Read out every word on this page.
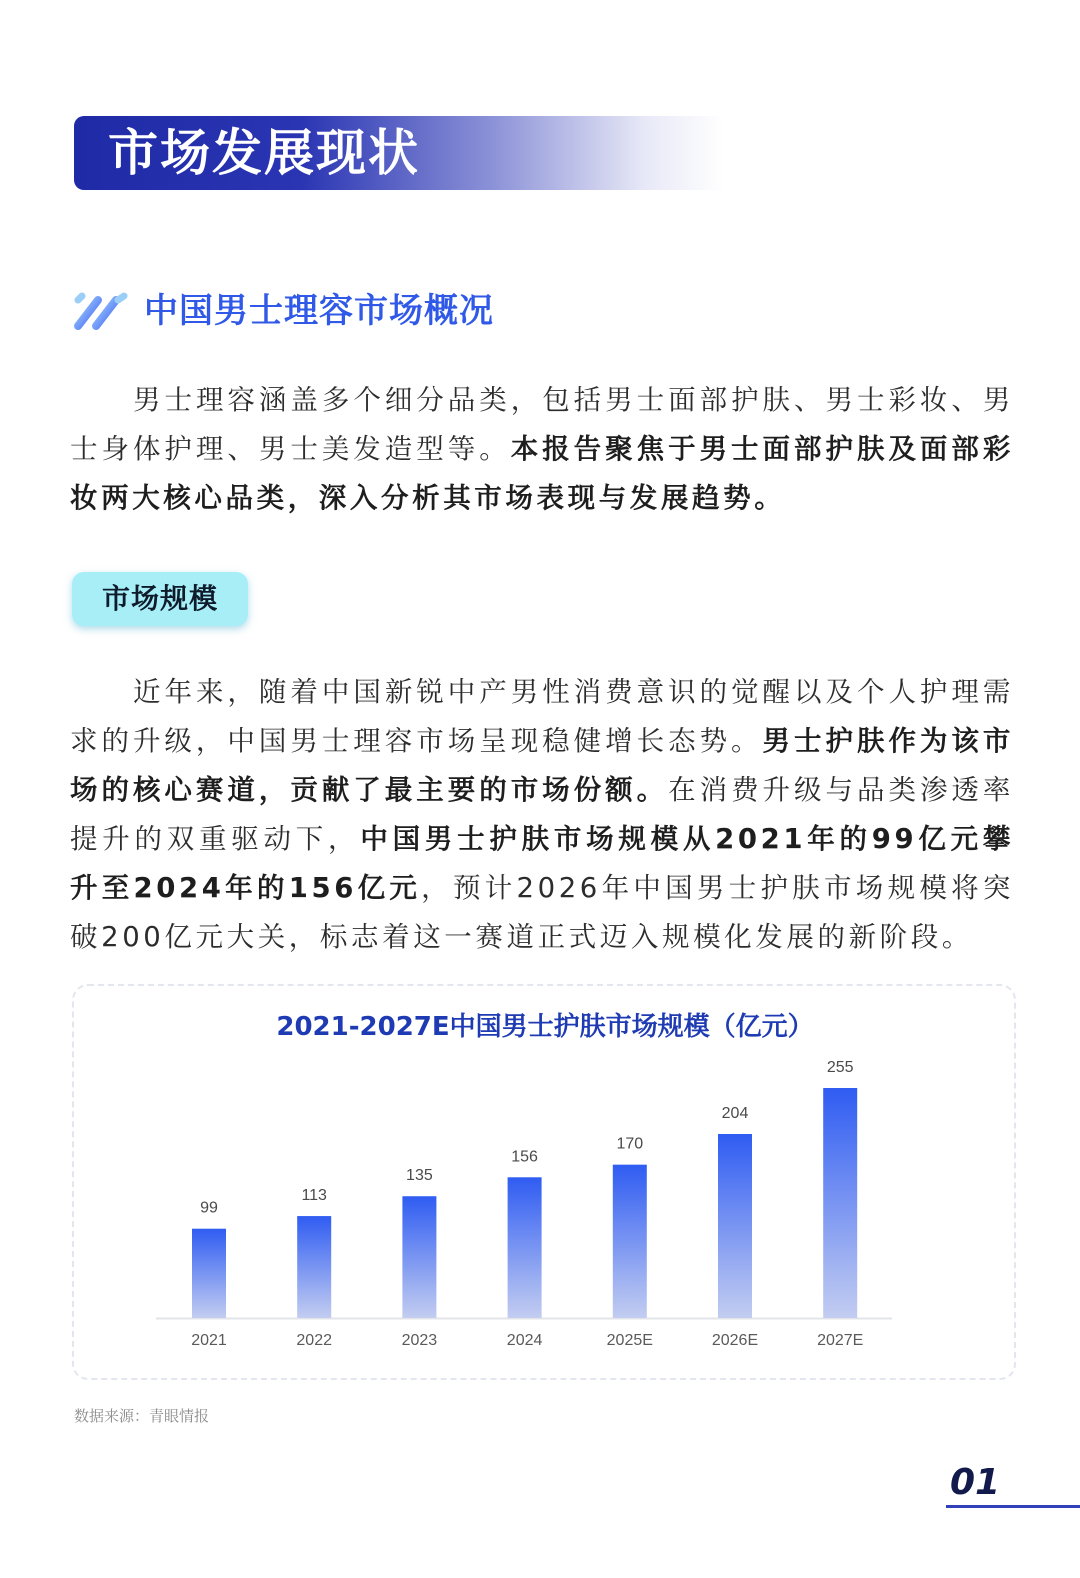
市场发展现状
中国男士理容市场概况
男士理容涵盖多个细分品类，包括男士面部护肤、男士彩妆、男士身体护理、男士美发造型等。本报告聚焦于男士面部护肤及面部彩妆两大核心品类，深入分析其市场表现与发展趋势。
市场规模
近年来，随着中国新锐中产男性消费意识的觉醒以及个人护理需求的升级，中国男士理容市场呈现稳健增长态势。男士护肤作为该市场的核心赛道，贡献了最主要的市场份额。在消费升级与品类渗透率提升的双重驱动下，中国男士护肤市场规模从2021年的99亿元攀升至2024年的156亿元，预计2026年中国男士护肤市场规模将突破200亿元大关，标志着这一赛道正式迈入规模化发展的新阶段。
2021-2027E中国男士护肤市场规模（亿元）
99
2021
113
2022
135
2023
156
2024
170
2025E
204
2026E
255
2027E
数据来源：青眼情报
01
